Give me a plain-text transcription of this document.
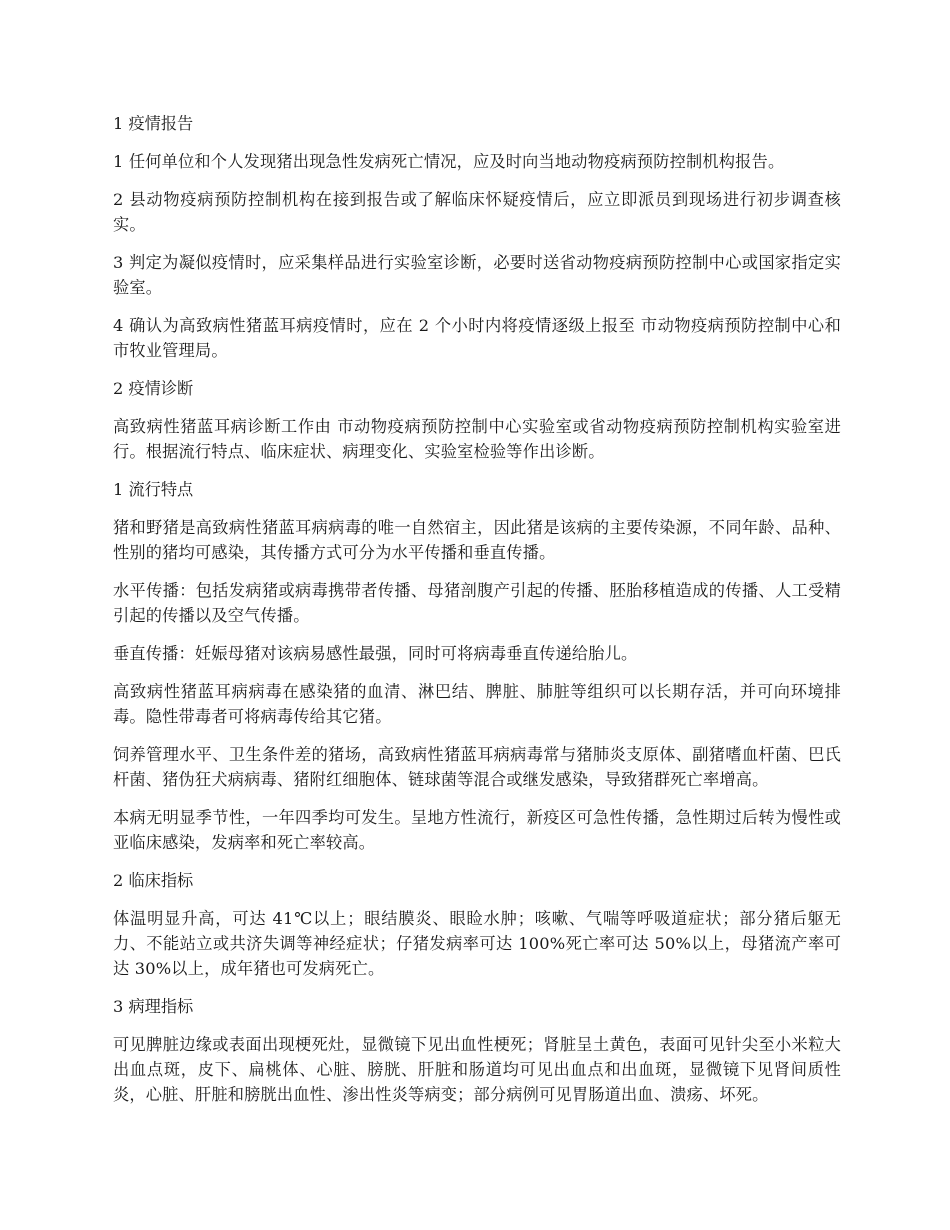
1 疫情报告

1 任何单位和个人发现猪出现急性发病死亡情况，应及时向当地动物疫病预防控制机构报告。

2 县动物疫病预防控制机构在接到报告或了解临床怀疑疫情后，应立即派员到现场进行初步调查核实。

3 判定为凝似疫情时，应采集样品进行实验室诊断，必要时送省动物疫病预防控制中心或国家指定实验室。

4 确认为高致病性猪蓝耳病疫情时，应在 2 个小时内将疫情逐级上报至 市动物疫病预防控制中心和 市牧业管理局。

2 疫情诊断

高致病性猪蓝耳病诊断工作由 市动物疫病预防控制中心实验室或省动物疫病预防控制机构实验室进行。根据流行特点、临床症状、病理变化、实验室检验等作出诊断。

1 流行特点

猪和野猪是高致病性猪蓝耳病病毒的唯一自然宿主，因此猪是该病的主要传染源，不同年龄、品种、性别的猪均可感染，其传播方式可分为水平传播和垂直传播。

水平传播：包括发病猪或病毒携带者传播、母猪剖腹产引起的传播、胚胎移植造成的传播、人工受精引起的传播以及空气传播。

垂直传播：妊娠母猪对该病易感性最强，同时可将病毒垂直传递给胎儿。

高致病性猪蓝耳病病毒在感染猪的血清、淋巴结、脾脏、肺脏等组织可以长期存活，并可向环境排毒。隐性带毒者可将病毒传给其它猪。

饲养管理水平、卫生条件差的猪场，高致病性猪蓝耳病病毒常与猪肺炎支原体、副猪嗜血杆菌、巴氏杆菌、猪伪狂犬病病毒、猪附红细胞体、链球菌等混合或继发感染，导致猪群死亡率增高。

本病无明显季节性，一年四季均可发生。呈地方性流行，新疫区可急性传播，急性期过后转为慢性或亚临床感染，发病率和死亡率较高。

2 临床指标

体温明显升高，可达 41℃以上；眼结膜炎、眼睑水肿；咳嗽、气喘等呼吸道症状；部分猪后躯无力、不能站立或共济失调等神经症状；仔猪发病率可达 100%死亡率可达 50%以上，母猪流产率可达 30%以上，成年猪也可发病死亡。

3 病理指标

可见脾脏边缘或表面出现梗死灶，显微镜下见出血性梗死；肾脏呈土黄色，表面可见针尖至小米粒大出血点斑，皮下、扁桃体、心脏、膀胱、肝脏和肠道均可见出血点和出血斑，显微镜下见肾间质性炎，心脏、肝脏和膀胱出血性、渗出性炎等病变；部分病例可见胃肠道出血、溃疡、坏死。
